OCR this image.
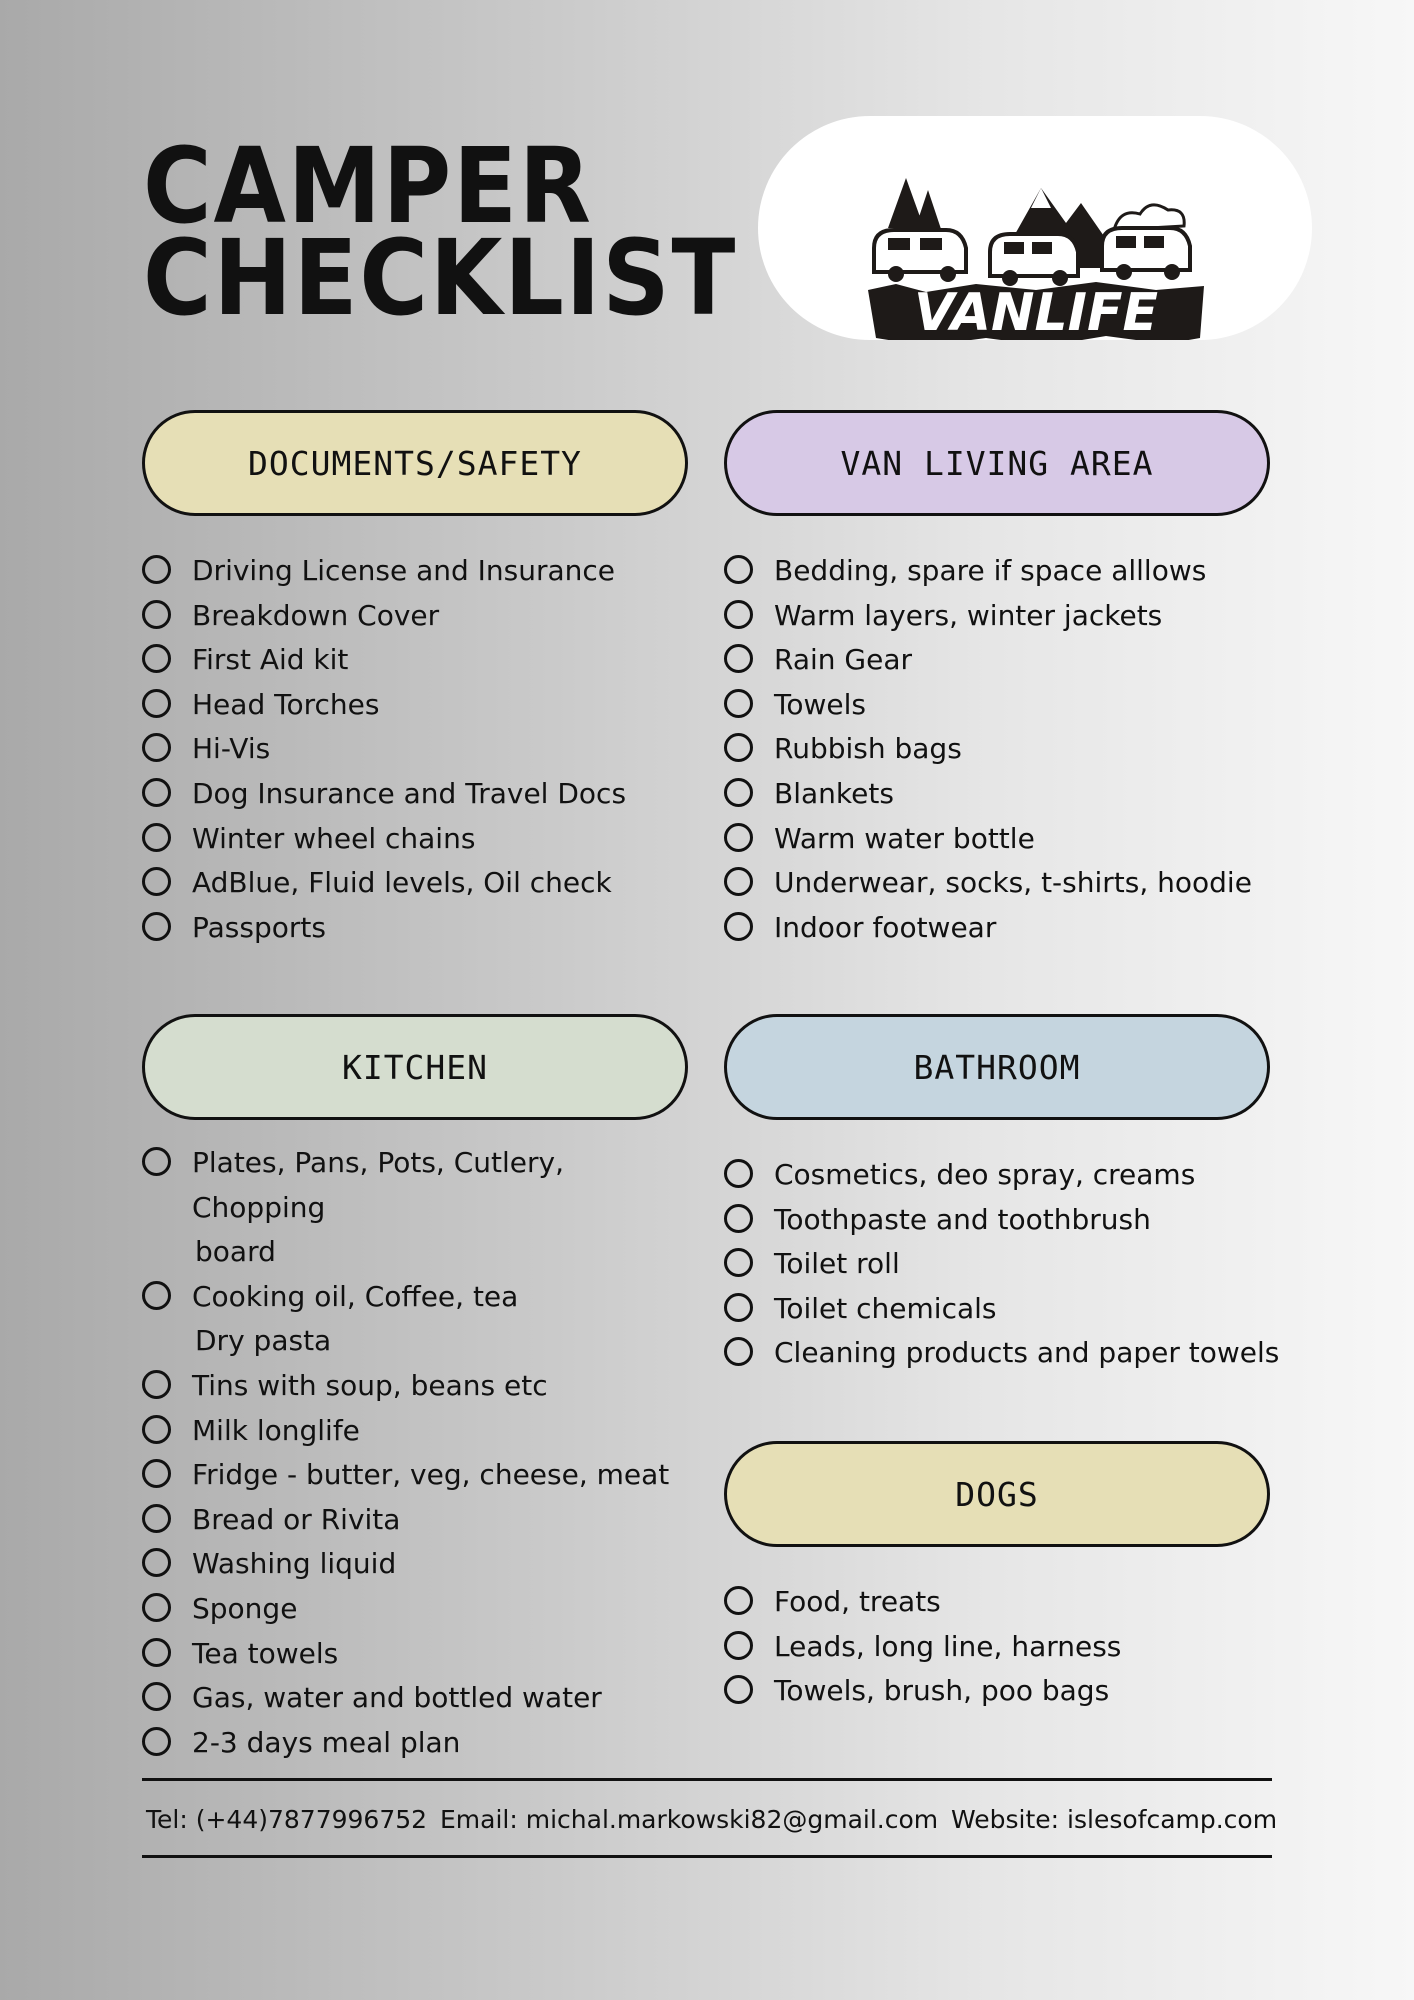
CAMPER
CHECKLIST	VANLIFE
DOCUMENTS/SAFETY
Driving License and Insurance
Breakdown Cover
First Aid kit
Head Torches
Hi-Vis
Dog Insurance and Travel Docs
Winter wheel chains
AdBlue, Fluid levels, Oil check
Passports
VAN LIVING AREA
Bedding, spare if space alllows
Warm layers, winter jackets
Rain Gear
Towels
Rubbish bags
Blankets
Warm water bottle
Underwear, socks, t-shirts, hoodie
Indoor footwear
KITCHEN
Plates, Pans, Pots, Cutlery, Chopping
board
Cooking oil, Coffee, tea
Dry pasta
Tins with soup, beans etc
Milk longlife
Fridge - butter, veg, cheese, meat
Bread or Rivita
Washing liquid
Sponge
Tea towels
Gas, water and bottled water
2-3 days meal plan
BATHROOM
Cosmetics, deo spray, creams
Toothpaste and toothbrush
Toilet roll
Toilet chemicals
Cleaning products and paper towels
DOGS
Food, treats
Leads, long line, harness
Towels, brush, poo bags
Tel: (+44)7877996752 Email: michal.markowski82@gmail.com Website: islesofcamp.com
